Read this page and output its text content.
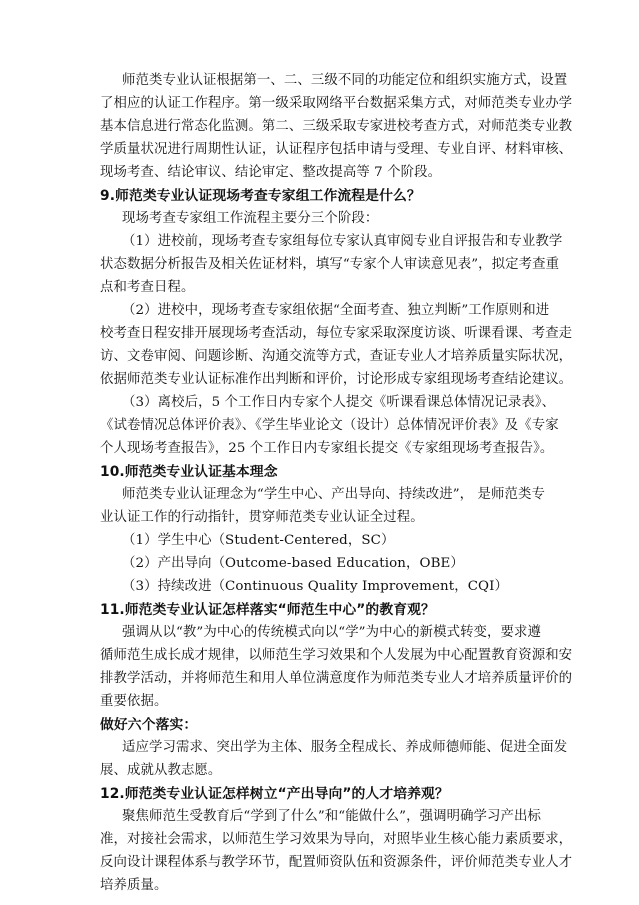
师范类专业认证根据第一、二、三级不同的功能定位和组织实施方式，设置
了相应的认证工作程序。第一级采取网络平台数据采集方式，对师范类专业办学
基本信息进行常态化监测。第二、三级采取专家进校考查方式，对师范类专业教
学质量状况进行周期性认证，认证程序包括申请与受理、专业自评、材料审核、
现场考查、结论审议、结论审定、整改提高等 7 个阶段。
9.师范类专业认证现场考查专家组工作流程是什么？
现场考查专家组工作流程主要分三个阶段：
（1）进校前，现场考查专家组每位专家认真审阅专业自评报告和专业教学
状态数据分析报告及相关佐证材料，填写“专家个人审读意见表”，拟定考查重
点和考查日程。
（2）进校中，现场考查专家组依据“全面考查、独立判断”工作原则和进
校考查日程安排开展现场考查活动，每位专家采取深度访谈、听课看课、考查走
访、文卷审阅、问题诊断、沟通交流等方式，查证专业人才培养质量实际状况，
依据师范类专业认证标准作出判断和评价，讨论形成专家组现场考查结论建议。
（3）离校后，5 个工作日内专家个人提交《听课看课总体情况记录表》、
《试卷情况总体评价表》、《学生毕业论文（设计）总体情况评价表》及《专家
个人现场考查报告》，25 个工作日内专家组长提交《专家组现场考查报告》。
10.师范类专业认证基本理念
师范类专业认证理念为“学生中心、产出导向、持续改进”， 是师范类专
业认证工作的行动指针，贯穿师范类专业认证全过程。
（1）学生中心（Student-Centered，SC）
（2）产出导向（Outcome-based Education，OBE）
（3）持续改进（Continuous Quality Improvement，CQI）
11.师范类专业认证怎样落实“师范生中心”的教育观？
强调从以“教”为中心的传统模式向以“学”为中心的新模式转变，要求遵
循师范生成长成才规律，以师范生学习效果和个人发展为中心配置教育资源和安
排教学活动，并将师范生和用人单位满意度作为师范类专业人才培养质量评价的
重要依据。
做好六个落实：
适应学习需求、突出学为主体、服务全程成长、养成师德师能、促进全面发
展、成就从教志愿。
12.师范类专业认证怎样树立“产出导向”的人才培养观？
聚焦师范生受教育后“学到了什么”和“能做什么”，强调明确学习产出标
准，对接社会需求，以师范生学习效果为导向，对照毕业生核心能力素质要求，
反向设计课程体系与教学环节，配置师资队伍和资源条件，评价师范类专业人才
培养质量。
